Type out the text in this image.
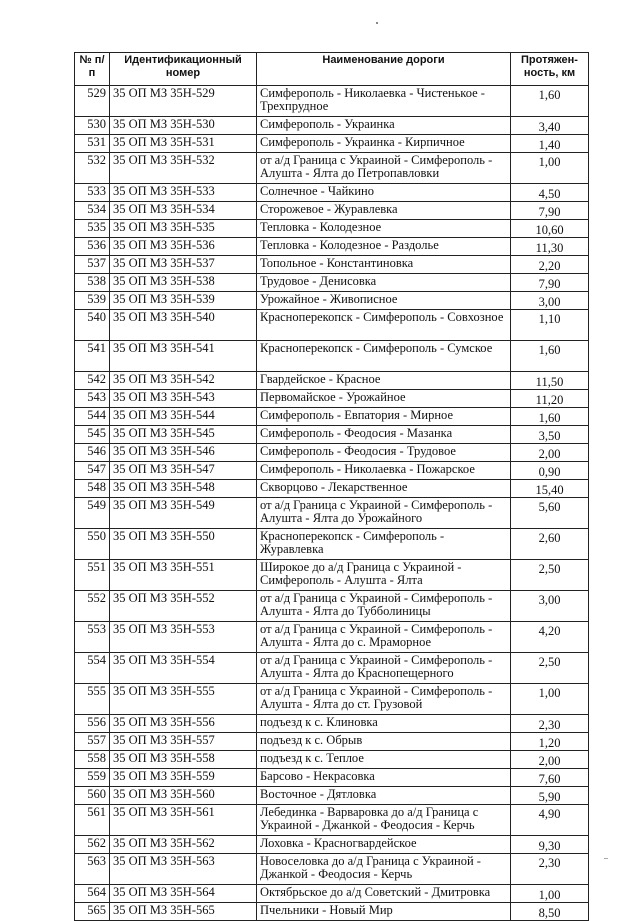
№ п/п	Идентификационный номер	Наименование дороги	Протяжен- ность, км
529	35 ОП МЗ 35Н-529	Симферополь - Николаевка - Чистенькое - Трехпрудное	1,60

530	35 ОП МЗ 35Н-530	Симферополь - Украинка	3,40

531	35 ОП МЗ 35Н-531	Симферополь - Украинка - Кирпичное	1,40

532	35 ОП МЗ 35Н-532	от а/д Граница с Украиной - Симферополь - Алушта - Ялта до Петропавловки	1,00

533	35 ОП МЗ 35Н-533	Солнечное - Чайкино	4,50

534	35 ОП МЗ 35Н-534	Сторожевое - Журавлевка	7,90

535	35 ОП МЗ 35Н-535	Тепловка - Колодезное	10,60

536	35 ОП МЗ 35Н-536	Тепловка - Колодезное - Раздолье	11,30

537	35 ОП МЗ 35Н-537	Топольное - Константиновка	2,20

538	35 ОП МЗ 35Н-538	Трудовое - Денисовка	7,90

539	35 ОП МЗ 35Н-539	Урожайное - Живописное	3,00

540	35 ОП МЗ 35Н-540	Красноперекопск - Симферополь - Совхозное	1,10

541	35 ОП МЗ 35Н-541	Красноперекопск - Симферополь - Сумское	1,60

542	35 ОП МЗ 35Н-542	Гвардейское - Красное	11,50

543	35 ОП МЗ 35Н-543	Первомайское - Урожайное	11,20

544	35 ОП МЗ 35Н-544	Симферополь - Евпатория - Мирное	1,60

545	35 ОП МЗ 35Н-545	Симферополь - Феодосия - Мазанка	3,50

546	35 ОП МЗ 35Н-546	Симферополь - Феодосия - Трудовое	2,00

547	35 ОП МЗ 35Н-547	Симферополь - Николаевка - Пожарское	0,90

548	35 ОП МЗ 35Н-548	Скворцово - Лекарственное	15,40

549	35 ОП МЗ 35Н-549	от а/д Граница с Украиной - Симферополь - Алушта - Ялта до Урожайного	5,60

550	35 ОП МЗ 35Н-550	Красноперекопск - Симферополь - Журавлевка	2,60

551	35 ОП МЗ 35Н-551	Широкое до а/д Граница с Украиной - Симферополь - Алушта - Ялта	2,50

552	35 ОП МЗ 35Н-552	от а/д Граница с Украиной - Симферополь - Алушта - Ялта до Тубболиницы	3,00

553	35 ОП МЗ 35Н-553	от а/д Граница с Украиной - Симферополь - Алушта - Ялта до с. Мраморное	4,20

554	35 ОП МЗ 35Н-554	от а/д Граница с Украиной - Симферополь - Алушта - Ялта до Краснопещерного	2,50

555	35 ОП МЗ 35Н-555	от а/д Граница с Украиной - Симферополь - Алушта - Ялта до ст. Грузовой	1,00

556	35 ОП МЗ 35Н-556	подъезд к с. Клиновка	2,30

557	35 ОП МЗ 35Н-557	подъезд к с. Обрыв	1,20

558	35 ОП МЗ 35Н-558	подъезд к с. Теплое	2,00

559	35 ОП МЗ 35Н-559	Барсово - Некрасовка	7,60

560	35 ОП МЗ 35Н-560	Восточное - Дятловка	5,90

561	35 ОП МЗ 35Н-561	Лебединка - Варваровка до а/д Граница с Украиной - Джанкой - Феодосия - Керчь	4,90

562	35 ОП МЗ 35Н-562	Лоховка - Красногвардейское	9,30

563	35 ОП МЗ 35Н-563	Новоселовка до а/д Граница с Украиной - Джанкой - Феодосия - Керчь	2,30

564	35 ОП МЗ 35Н-564	Октябрьское до а/д Советский - Дмитровка	1,00

565	35 ОП МЗ 35Н-565	Пчельники - Новый Мир	8,50
